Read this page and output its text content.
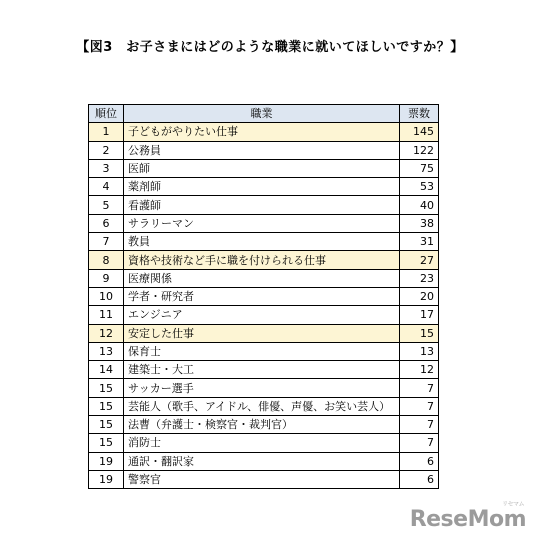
【図3　お子さまにはどのような職業に就いてほしいですか？】
順位	職業	票数
1	子どもがやりたい仕事	145
2	公務員	122
3	医師	75
4	薬剤師	53
5	看護師	40
6	サラリーマン	38
7	教員	31
8	資格や技術など手に職を付けられる仕事	27
9	医療関係	23
10	学者・研究者	20
11	エンジニア	17
12	安定した仕事	15
13	保育士	13
14	建築士・大工	12
15	サッカー選手	7
15	芸能人（歌手、アイドル、俳優、声優、お笑い芸人）	7
15	法曹（弁護士・検察官・裁判官）	7
15	消防士	7
19	通訳・翻訳家	6
19	警察官	6
リセマム
ReseMom
